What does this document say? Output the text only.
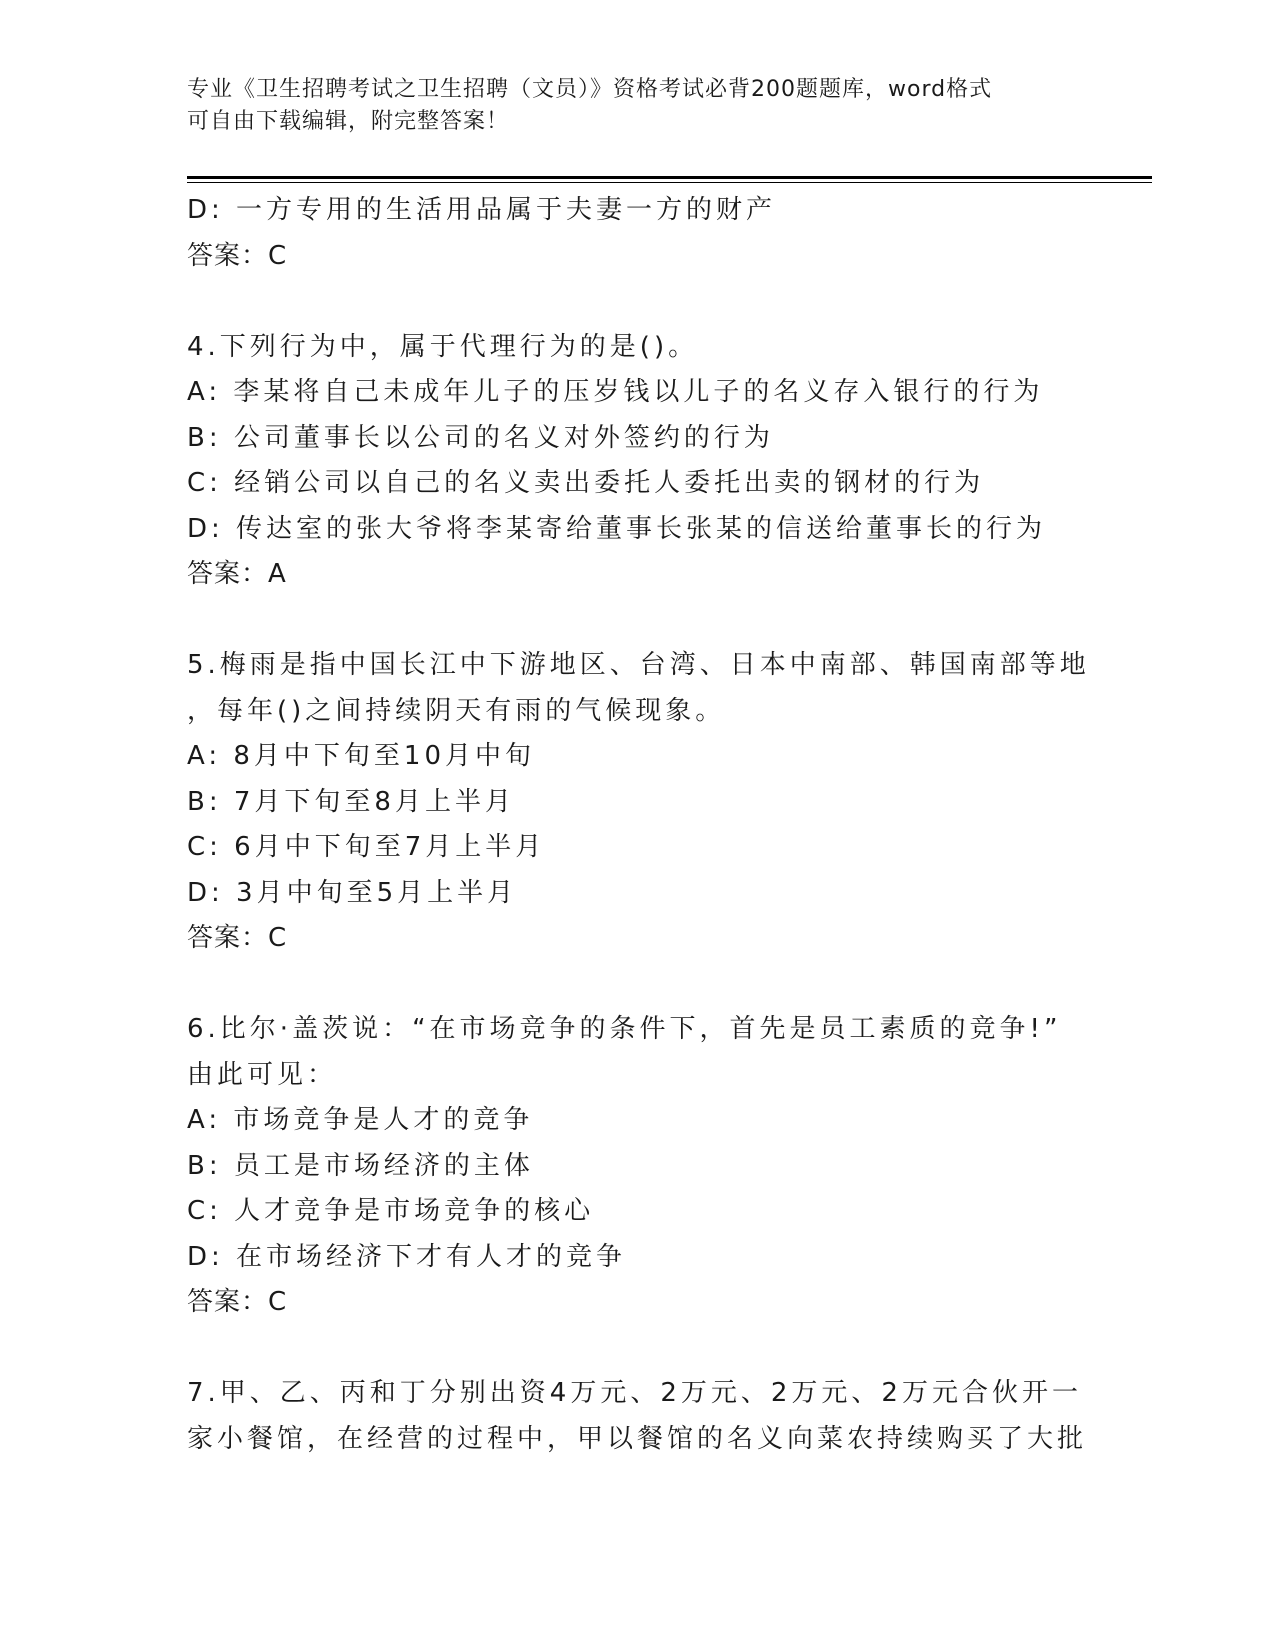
专业《卫生招聘考试之卫生招聘（文员）》资格考试必背200题题库，word格式
可自由下载编辑，附完整答案！
D: 一方专用的生活用品属于夫妻一方的财产
答案：C
4.下列行为中，属于代理行为的是()。
A: 李某将自己未成年儿子的压岁钱以儿子的名义存入银行的行为
B: 公司董事长以公司的名义对外签约的行为
C: 经销公司以自己的名义卖出委托人委托出卖的钢材的行为
D: 传达室的张大爷将李某寄给董事长张某的信送给董事长的行为
答案：A
5.梅雨是指中国长江中下游地区、台湾、日本中南部、韩国南部等地
，每年()之间持续阴天有雨的气候现象。
A: 8月中下旬至10月中旬
B: 7月下旬至8月上半月
C: 6月中下旬至7月上半月
D: 3月中旬至5月上半月
答案：C
6.比尔·盖茨说：“在市场竞争的条件下，首先是员工素质的竞争!”
由此可见：
A: 市场竞争是人才的竞争
B: 员工是市场经济的主体
C: 人才竞争是市场竞争的核心
D: 在市场经济下才有人才的竞争
答案：C
7.甲、乙、丙和丁分别出资4万元、2万元、2万元、2万元合伙开一
家小餐馆，在经营的过程中，甲以餐馆的名义向菜农持续购买了大批
